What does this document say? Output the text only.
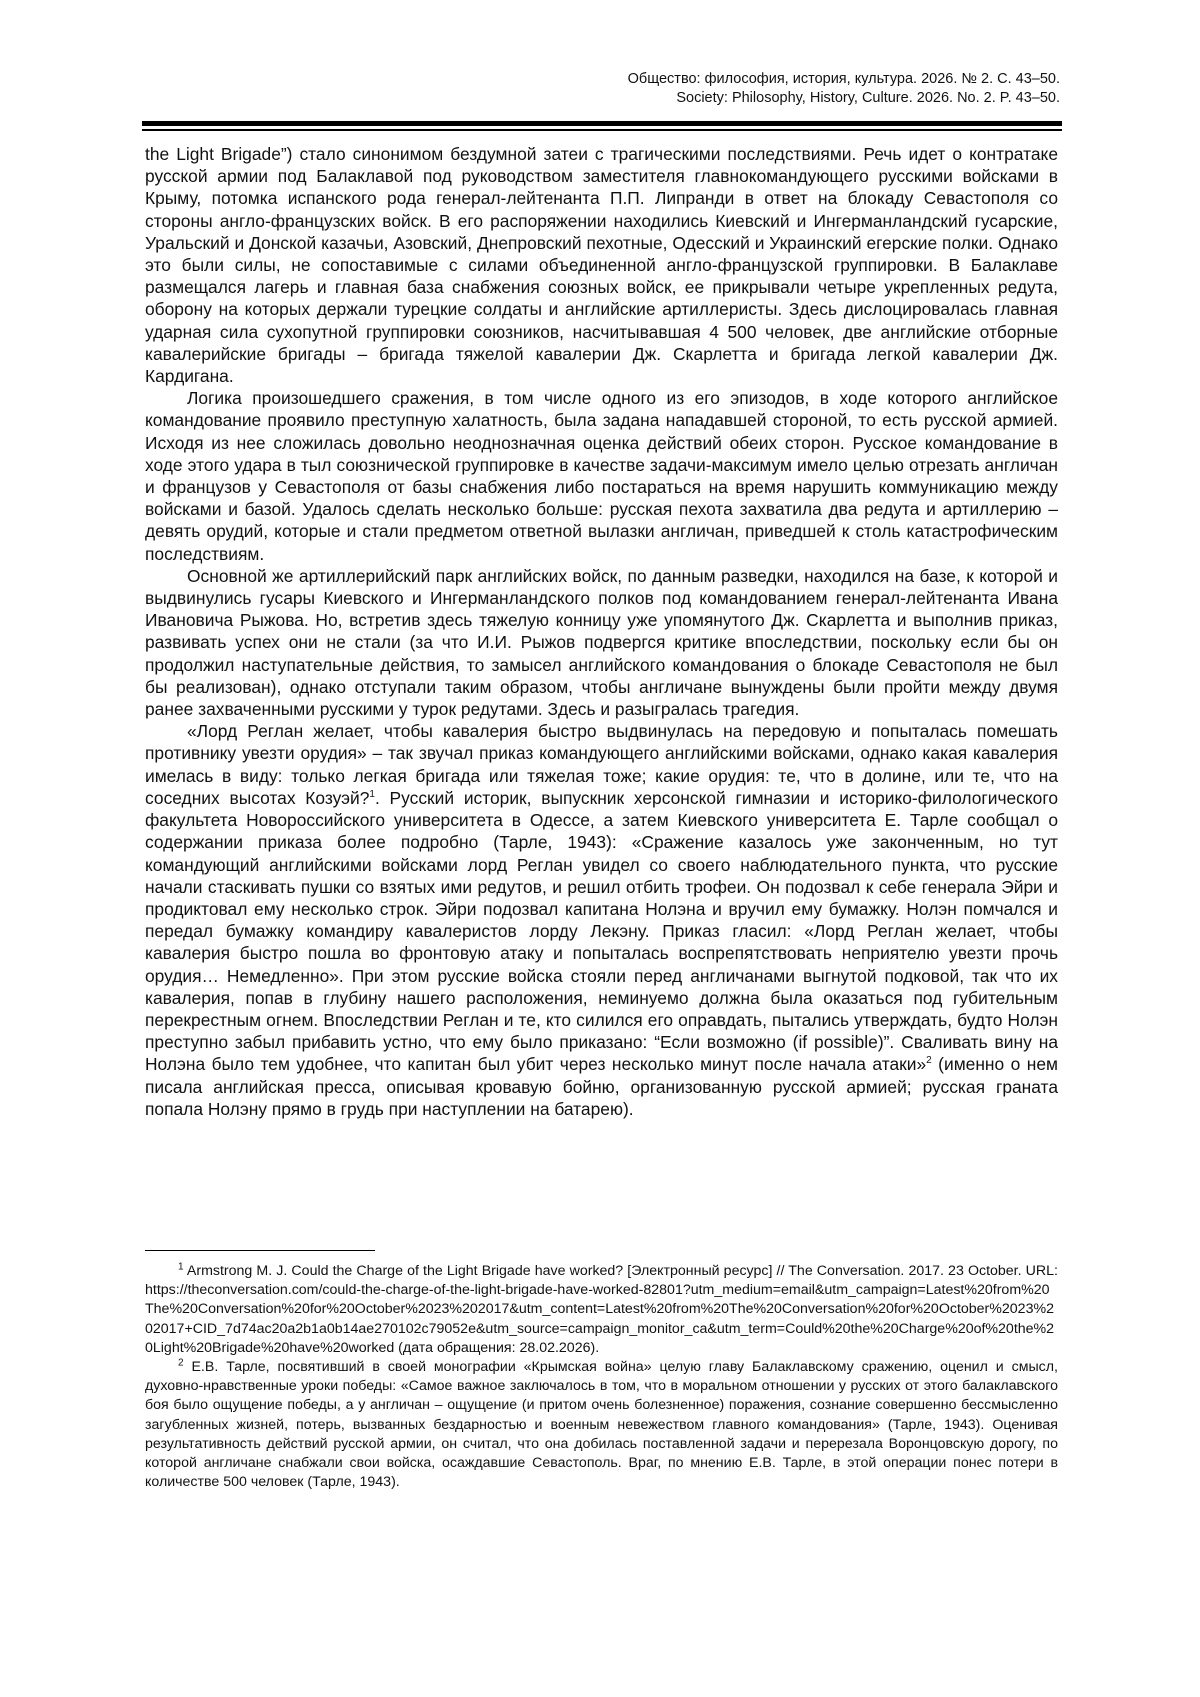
Общество: философия, история, культура. 2026. № 2. С. 43–50.
Society: Philosophy, History, Culture. 2026. No. 2. P. 43–50.

the Light Brigade”) стало синонимом бездумной затеи с трагическими последствиями. Речь идет о контратаке русской армии под Балаклавой под руководством заместителя главнокомандующего русскими войсками в Крыму, потомка испанского рода генерал-лейтенанта П.П. Липранди в ответ на блокаду Севастополя со стороны англо-французских войск. В его распоряжении находились Киевский и Ингерманландский гусарские, Уральский и Донской казачьи, Азовский, Днепровский пехотные, Одесский и Украинский егерские полки. Однако это были силы, не сопоставимые с силами объединенной англо-французской группировки. В Балаклаве размещался лагерь и главная база снабжения союзных войск, ее прикрывали четыре укрепленных редута, оборону на которых держали турецкие солдаты и английские артиллеристы. Здесь дислоцировалась главная ударная сила сухопутной группировки союзников, насчитывавшая 4 500 человек, две английские отборные кавалерийские бригады – бригада тяжелой кавалерии Дж. Скарлетта и бригада легкой кавалерии Дж. Кардигана.

Логика произошедшего сражения, в том числе одного из его эпизодов, в ходе которого английское командование проявило преступную халатность, была задана нападавшей стороной, то есть русской армией. Исходя из нее сложилась довольно неоднозначная оценка действий обеих сторон. Русское командование в ходе этого удара в тыл союзнической группировке в качестве задачи-максимум имело целью отрезать англичан и французов у Севастополя от базы снабжения либо постараться на время нарушить коммуникацию между войсками и базой. Удалось сделать несколько больше: русская пехота захватила два редута и артиллерию – девять орудий, которые и стали предметом ответной вылазки англичан, приведшей к столь катастрофическим последствиям.

Основной же артиллерийский парк английских войск, по данным разведки, находился на базе, к которой и выдвинулись гусары Киевского и Ингерманландского полков под командованием генерал-лейтенанта Ивана Ивановича Рыжова. Но, встретив здесь тяжелую конницу уже упомянутого Дж. Скарлетта и выполнив приказ, развивать успех они не стали (за что И.И. Рыжов подвергся критике впоследствии, поскольку если бы он продолжил наступательные действия, то замысел английского командования о блокаде Севастополя не был бы реализован), однако отступали таким образом, чтобы англичане вынуждены были пройти между двумя ранее захваченными русскими у турок редутами. Здесь и разыгралась трагедия.

«Лорд Реглан желает, чтобы кавалерия быстро выдвинулась на передовую и попыталась помешать противнику увезти орудия» – так звучал приказ командующего английскими войсками, однако какая кавалерия имелась в виду: только легкая бригада или тяжелая тоже; какие орудия: те, что в долине, или те, что на соседних высотах Козуэй?$^1$. Русский историк, выпускник херсонской гимназии и историко-филологического факультета Новороссийского университета в Одессе, а затем Киевского университета Е. Тарле сообщал о содержании приказа более подробно (Тарле, 1943): «Сражение казалось уже законченным, но тут командующий английскими войсками лорд Реглан увидел со своего наблюдательного пункта, что русские начали стаскивать пушки со взятых ими редутов, и решил отбить трофеи. Он подозвал к себе генерала Эйри и продиктовал ему несколько строк. Эйри подозвал капитана Нолэна и вручил ему бумажку. Нолэн помчался и передал бумажку командиру кавалеристов лорду Лекэну. Приказ гласил: «Лорд Реглан желает, чтобы кавалерия быстро пошла во фронтовую атаку и попыталась воспрепятствовать неприятелю увезти прочь орудия… Немедленно». При этом русские войска стояли перед англичанами выгнутой подковой, так что их кавалерия, попав в глубину нашего расположения, неминуемо должна была оказаться под губительным перекрестным огнем. Впоследствии Реглан и те, кто силился его оправдать, пытались утверждать, будто Нолэн преступно забыл прибавить устно, что ему было приказано: “Если возможно (if possible)”. Сваливать вину на Нолэна было тем удобнее, что капитан был убит через несколько минут после начала атаки»$^2$ (именно о нем писала английская пресса, описывая кровавую бойню, организованную русской армией; русская граната попала Нолэну прямо в грудь при наступлении на батарею).

$^1$ Armstrong M. J. Could the Charge of the Light Brigade have worked? [Электронный ресурс] // The Conversation. 2017. 23 October. URL: https://theconversation.com/could-the-charge-of-the-light-brigade-have-worked-82801?utm_medium=email&utm_campaign=Latest%20from%20The%20Conversation%20for%20October%2023%202017&utm_content=Latest%20from%20The%20Conversation%20for%20October%2023%202017+CID_7d74ac20a2b1a0b14ae270102c79052e&utm_source=campaign_monitor_ca&utm_term=Could%20the%20Charge%20of%20the%20Light%20Brigade%20have%20worked (дата обращения: 28.02.2026).

$^2$ Е.В. Тарле, посвятивший в своей монографии «Крымская война» целую главу Балаклавскому сражению, оценил и смысл, духовно-нравственные уроки победы: «Самое важное заключалось в том, что в моральном отношении у русских от этого балаклавского боя было ощущение победы, а у англичан – ощущение (и притом очень болезненное) поражения, сознание совершенно бессмысленно загубленных жизней, потерь, вызванных бездарностью и военным невежеством главного командования» (Тарле, 1943). Оценивая результативность действий русской армии, он считал, что она добилась поставленной задачи и перерезала Воронцовскую дорогу, по которой англичане снабжали свои войска, осаждавшие Севастополь. Враг, по мнению Е.В. Тарле, в этой операции понес потери в количестве 500 человек (Тарле, 1943).
